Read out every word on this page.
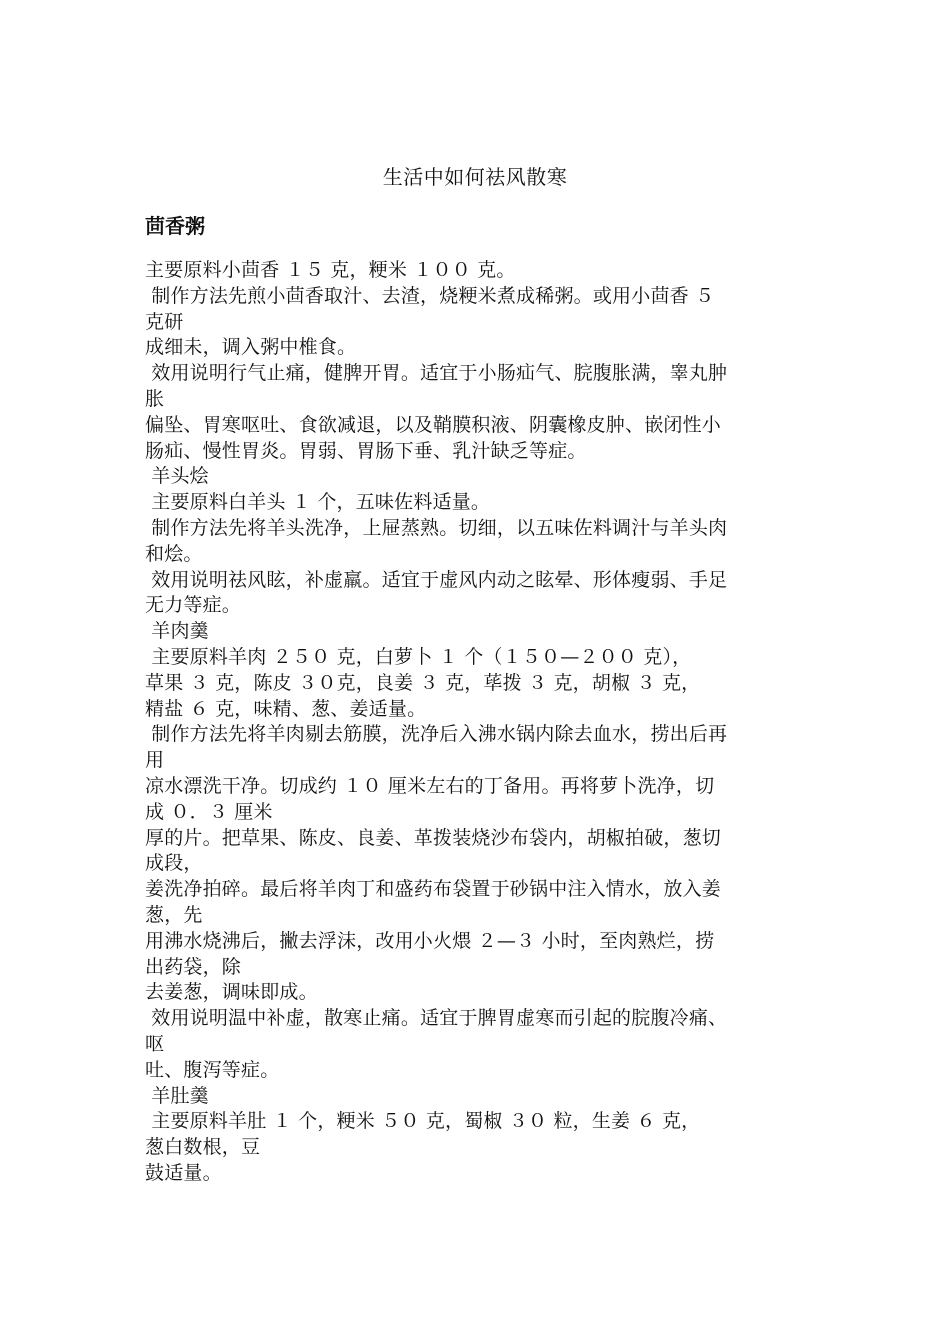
生活中如何祛风散寒
茴香粥
主要原料小茴香 １５ 克，粳米 １００ 克。
制作方法先煎小茴香取汁、去渣，烧粳米煮成稀粥。或用小茴香 ５
克研
成细未，调入粥中椎食。
效用说明行气止痛，健脾开胃。适宜于小肠疝气、脘腹胀满，睾丸肿
胀
偏坠、胃寒呕吐、食欲减退，以及鞘膜积液、阴囊橡皮肿、嵌闭性小
肠疝、慢性胃炎。胃弱、胃肠下垂、乳汁缺乏等症。
羊头烩
主要原料白羊头 １ 个，五味佐料适量。
制作方法先将羊头洗净，上屉蒸熟。切细，以五味佐料调汁与羊头肉
和烩。
效用说明祛风眩，补虚羸。适宜于虚风内动之眩晕、形体瘦弱、手足
无力等症。
羊肉羹
主要原料羊肉 ２５０ 克，白萝卜 １ 个（１５０—２００ 克），
草果 ３ 克，陈皮 ３０克，良姜 ３ 克，荜拨 ３ 克，胡椒 ３ 克，
精盐 ６ 克，味精、葱、姜适量。
制作方法先将羊肉剔去筋膜，洗净后入沸水锅内除去血水，捞出后再
用
凉水漂洗干净。切成约 １０ 厘米左右的丁备用。再将萝卜洗净，切
成 ０．３ 厘米
厚的片。把草果、陈皮、良姜、革拨装烧沙布袋内，胡椒拍破，葱切
成段，
姜洗净拍碎。最后将羊肉丁和盛药布袋置于砂锅中注入情水，放入姜
葱，先
用沸水烧沸后，撇去浮沫，改用小火煨 ２—３ 小时，至肉熟烂，捞
出药袋，除
去姜葱，调味即成。
效用说明温中补虚，散寒止痛。适宜于脾胃虚寒而引起的脘腹冷痛、
呕
吐、腹泻等症。
羊肚羹
主要原料羊肚 １ 个，粳米 ５０ 克，蜀椒 ３０ 粒，生姜 ６ 克，
葱白数根，豆
鼓适量。
